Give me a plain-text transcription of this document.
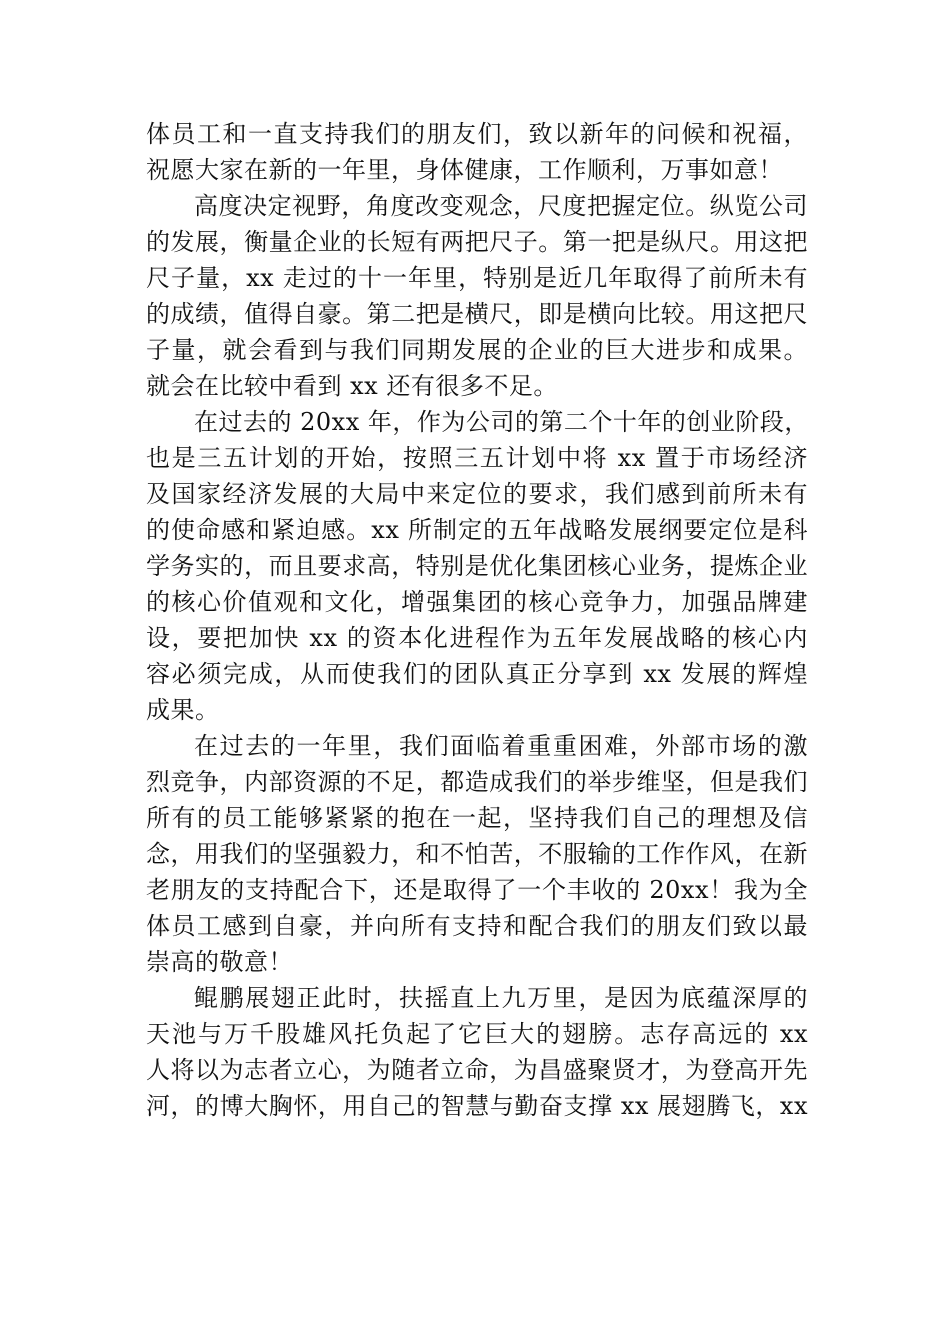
体员工和一直支持我们的朋友们，致以新年的问候和祝福，
祝愿大家在新的一年里，身体健康，工作顺利，万事如意！
高度决定视野，角度改变观念，尺度把握定位。纵览公司
的发展，衡量企业的长短有两把尺子。第一把是纵尺。用这把
尺子量，xx 走过的十一年里，特别是近几年取得了前所未有
的成绩，值得自豪。第二把是横尺，即是横向比较。用这把尺
子量，就会看到与我们同期发展的企业的巨大进步和成果。
就会在比较中看到 xx 还有很多不足。
在过去的 20xx 年，作为公司的第二个十年的创业阶段，
也是三五计划的开始，按照三五计划中将 xx 置于市场经济
及国家经济发展的大局中来定位的要求，我们感到前所未有
的使命感和紧迫感。xx 所制定的五年战略发展纲要定位是科
学务实的，而且要求高，特别是优化集团核心业务，提炼企业
的核心价值观和文化，增强集团的核心竞争力，加强品牌建
设，要把加快 xx 的资本化进程作为五年发展战略的核心内
容必须完成，从而使我们的团队真正分享到 xx 发展的辉煌
成果。
在过去的一年里，我们面临着重重困难，外部市场的激
烈竞争，内部资源的不足，都造成我们的举步维坚，但是我们
所有的员工能够紧紧的抱在一起，坚持我们自己的理想及信
念，用我们的坚强毅力，和不怕苦，不服输的工作作风，在新
老朋友的支持配合下，还是取得了一个丰收的 20xx！我为全
体员工感到自豪，并向所有支持和配合我们的朋友们致以最
崇高的敬意！
鲲鹏展翅正此时，扶摇直上九万里，是因为底蕴深厚的
天池与万千股雄风托负起了它巨大的翅膀。志存高远的 xx
人将以为志者立心，为随者立命，为昌盛聚贤才，为登高开先
河，的博大胸怀，用自己的智慧与勤奋支撑 xx 展翅腾飞，xx
